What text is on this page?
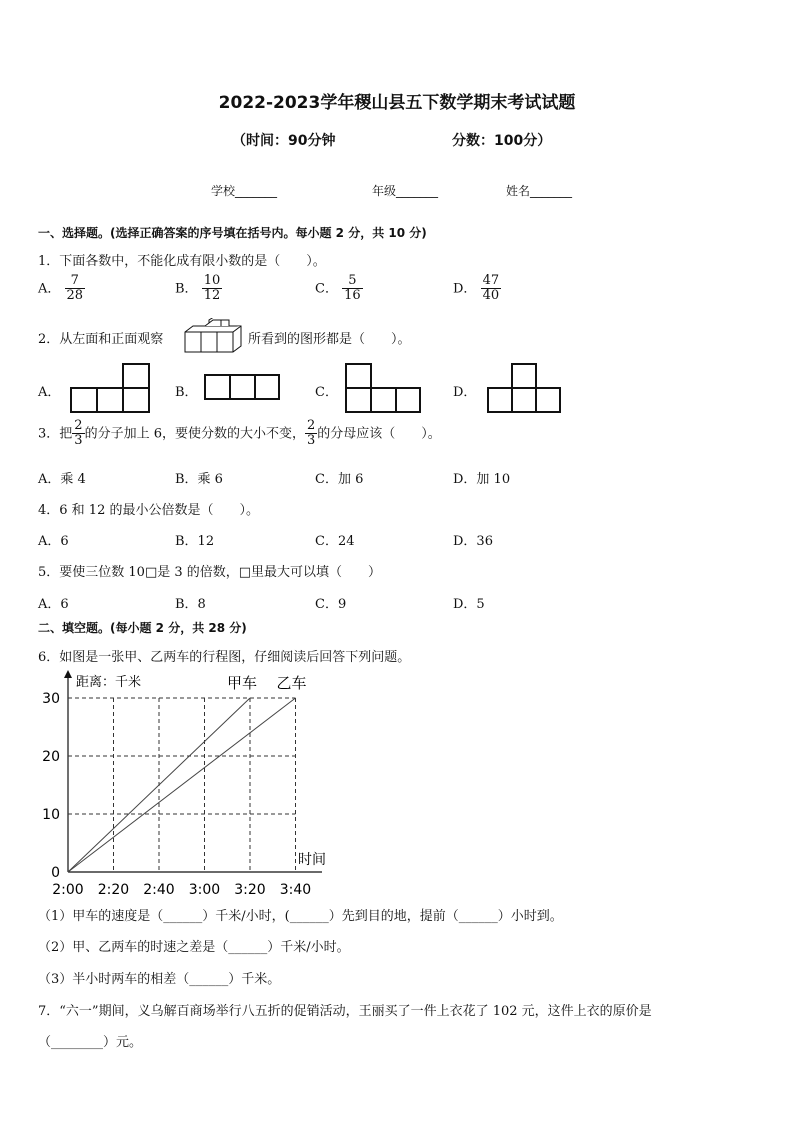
2022-2023学年稷山县五下数学期末考试试题
（时间：90分钟	分数：100分）
学校_______	年级_______	姓名_______
一、选择题。(选择正确答案的序号填在括号内。每小题 2 分，共 10 分)
1．下面各数中，不能化成有限小数的是（　　）。
A． $\frac{7}{28}$	B． $\frac{10}{12}$	C． $\frac{5}{16}$	D． $\frac{47}{40}$
2．从左面和正面观察	所看到的图形都是（　　）。
A．	B．	C．	D．
3．把 $\frac{2}{3}$ 的分子加上 6，要使分数的大小不变， $\frac{2}{3}$ 的分母应该（　　）。
A．乘 4	B．乘 6	C．加 6	D．加 10
4．6 和 12 的最小公倍数是（　　）。
A．6	B．12	C．24	D．36
5．要使三位数 10□是 3 的倍数，□里最大可以填（　　）
A．6	B．8	C．9	D．5
二、填空题。(每小题 2 分，共 28 分)
6．如图是一张甲、乙两车的行程图，仔细阅读后回答下列问题。
距离：千米
时间
甲车 乙车
0
10
20
30
2:00 2:20 2:40 3:00 3:20 3:40
（1）甲车的速度是（______）千米/小时，(______）先到目的地，提前（______）小时到。
（2）甲、乙两车的时速之差是（______）千米/小时。
（3）半小时两车的相差（______）千米。
7．“六一”期间，义乌解百商场举行八五折的促销活动，王丽买了一件上衣花了 102 元，这件上衣的原价是
（________）元。
